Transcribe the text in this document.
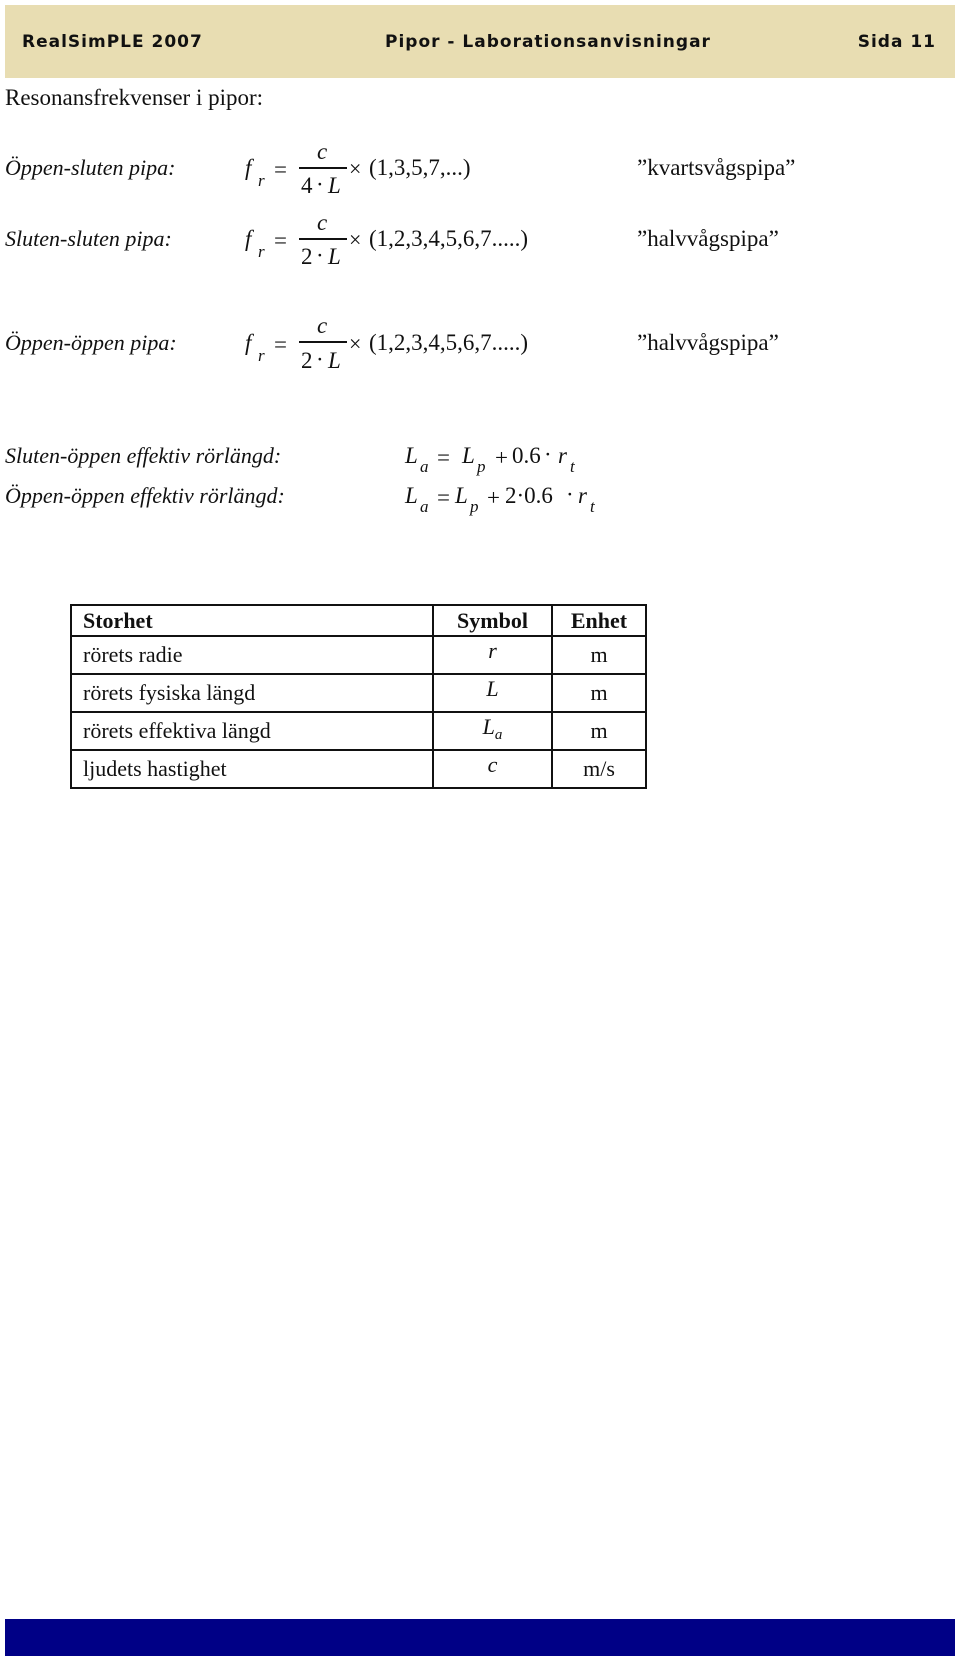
RealSimPLE 2007	Pipor - Laborationsanvisningar	Sida 11
Resonansfrekvenser i pipor:
Öppen-sluten pipa:	f
r =
c
4 · L
× (1,3,5,7,...)	”kvartsvågspipa”
Sluten-sluten pipa:	f
r =
c
2 · L
× (1,2,3,4,5,6,7.....)	”halvvågspipa”
Öppen-öppen pipa:	f
r =
c
2 · L
× (1,2,3,4,5,6,7.....)	”halvvågspipa”
Sluten-öppen effektiv rörlängd:	L a = L p + 0.6 · r t
Öppen-öppen effektiv rörlängd:	L a = L p + 2·0.6 · r t
Storhet	Symbol	Enhet
rörets radie	r	m
rörets fysiska längd	L	m
rörets effektiva längd	$L_a$	m
ljudets hastighet	c	m/s
